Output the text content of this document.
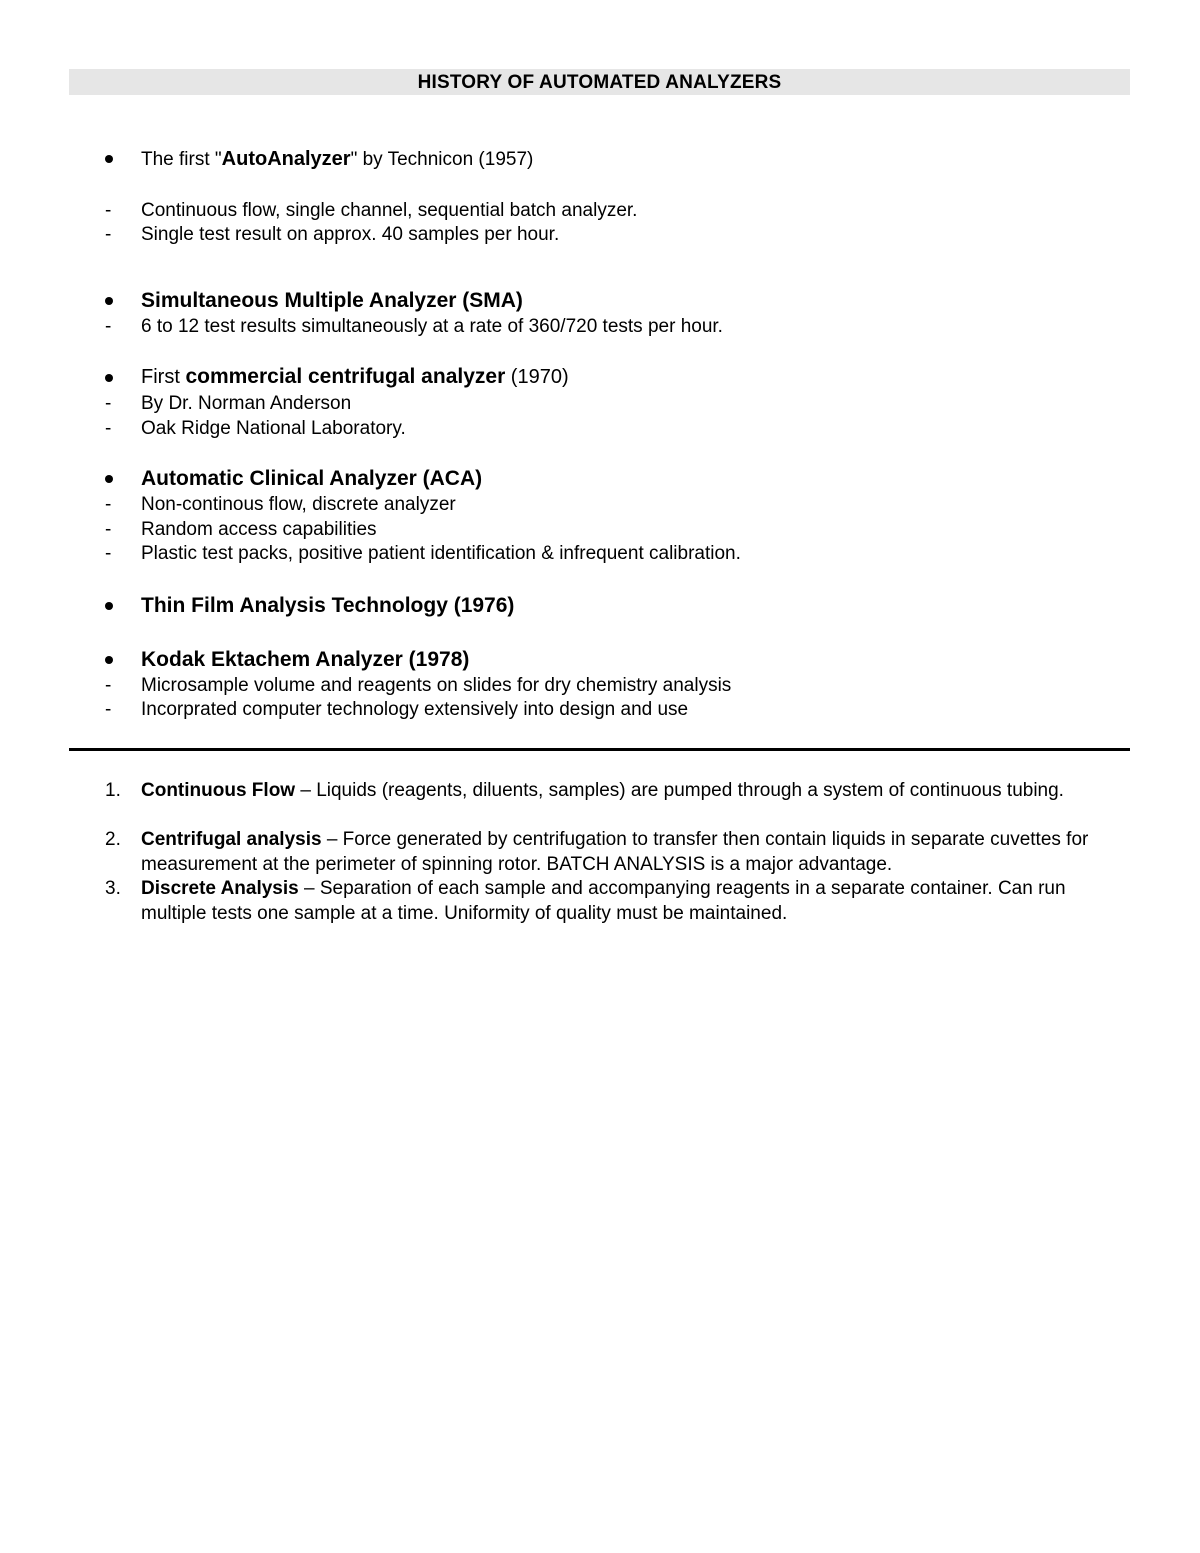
HISTORY OF AUTOMATED ANALYZERS
The first "AutoAnalyzer" by Technicon (1957)
- Continuous flow, single channel, sequential batch analyzer.
- Single test result on approx. 40 samples per hour.
Simultaneous Multiple Analyzer (SMA)
- 6 to 12 test results simultaneously at a rate of 360/720 tests per hour.
First commercial centrifugal analyzer (1970)
- By Dr. Norman Anderson
- Oak Ridge National Laboratory.
Automatic Clinical Analyzer (ACA)
- Non-continous flow, discrete analyzer
- Random access capabilities
- Plastic test packs, positive patient identification & infrequent calibration.
Thin Film Analysis Technology (1976)
Kodak Ektachem Analyzer (1978)
- Microsample volume and reagents on slides for dry chemistry analysis
- Incorprated computer technology extensively into design and use
1. Continuous Flow – Liquids (reagents, diluents, samples) are pumped through a system of continuous tubing.
2. Centrifugal analysis – Force generated by centrifugation to transfer then contain liquids in separate cuvettes for measurement at the perimeter of spinning rotor. BATCH ANALYSIS is a major advantage.
3. Discrete Analysis – Separation of each sample and accompanying reagents in a separate container. Can run multiple tests one sample at a time. Uniformity of quality must be maintained.
